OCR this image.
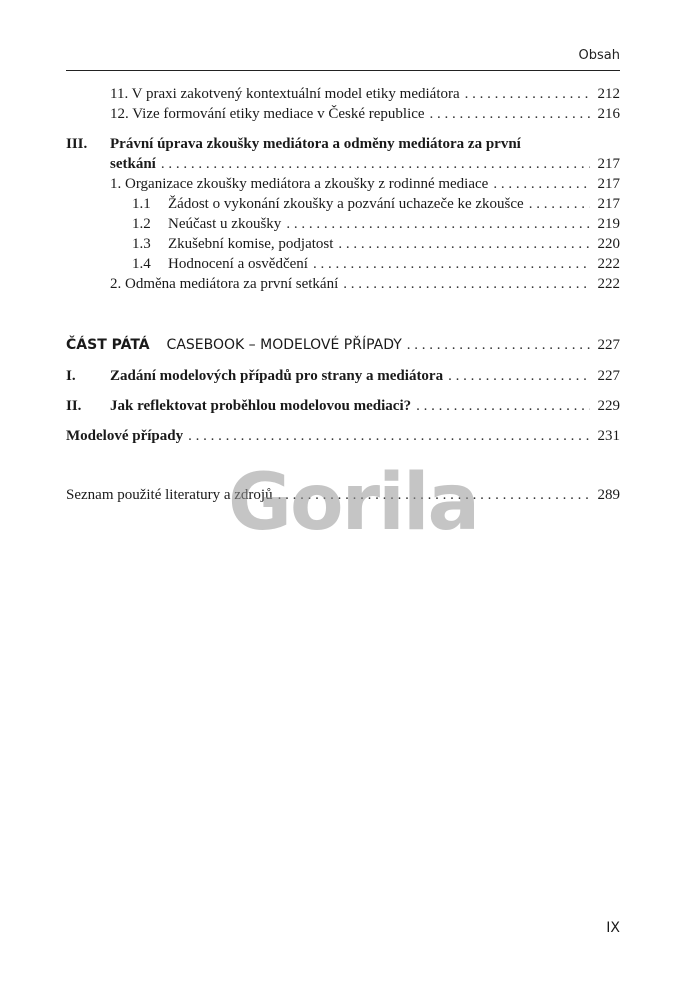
Obsah
11. V praxi zakotvený kontextuální model etiky mediátora . . .	212
12. Vize formování etiky mediace v České republice . . .	216
III.	Právní úprava zkoušky mediátora a odměny mediátora za první
setkání . . .	217
1. Organizace zkoušky mediátora a zkoušky z rodinné mediace . . .	217
1.1	Žádost o vykonání zkoušky a pozvání uchazeče ke zkoušce . . .	217
1.2	Neúčast u zkoušky . . .	219
1.3	Zkušební komise, podjatost . . .	220
1.4	Hodnocení a osvědčení . . .	222
2. Odměna mediátora za první setkání . . .	222
ČÁST PÁTÁ CASEBOOK – MODELOVÉ PŘÍPADY . . .	227
I.	Zadání modelových případů pro strany a mediátora . . .	227
II.	Jak reflektovat proběhlou modelovou mediaci? . . .	229
Modelové případy . . .	231
Seznam použité literatury a zdrojů . . .	289
Gorila
IX
